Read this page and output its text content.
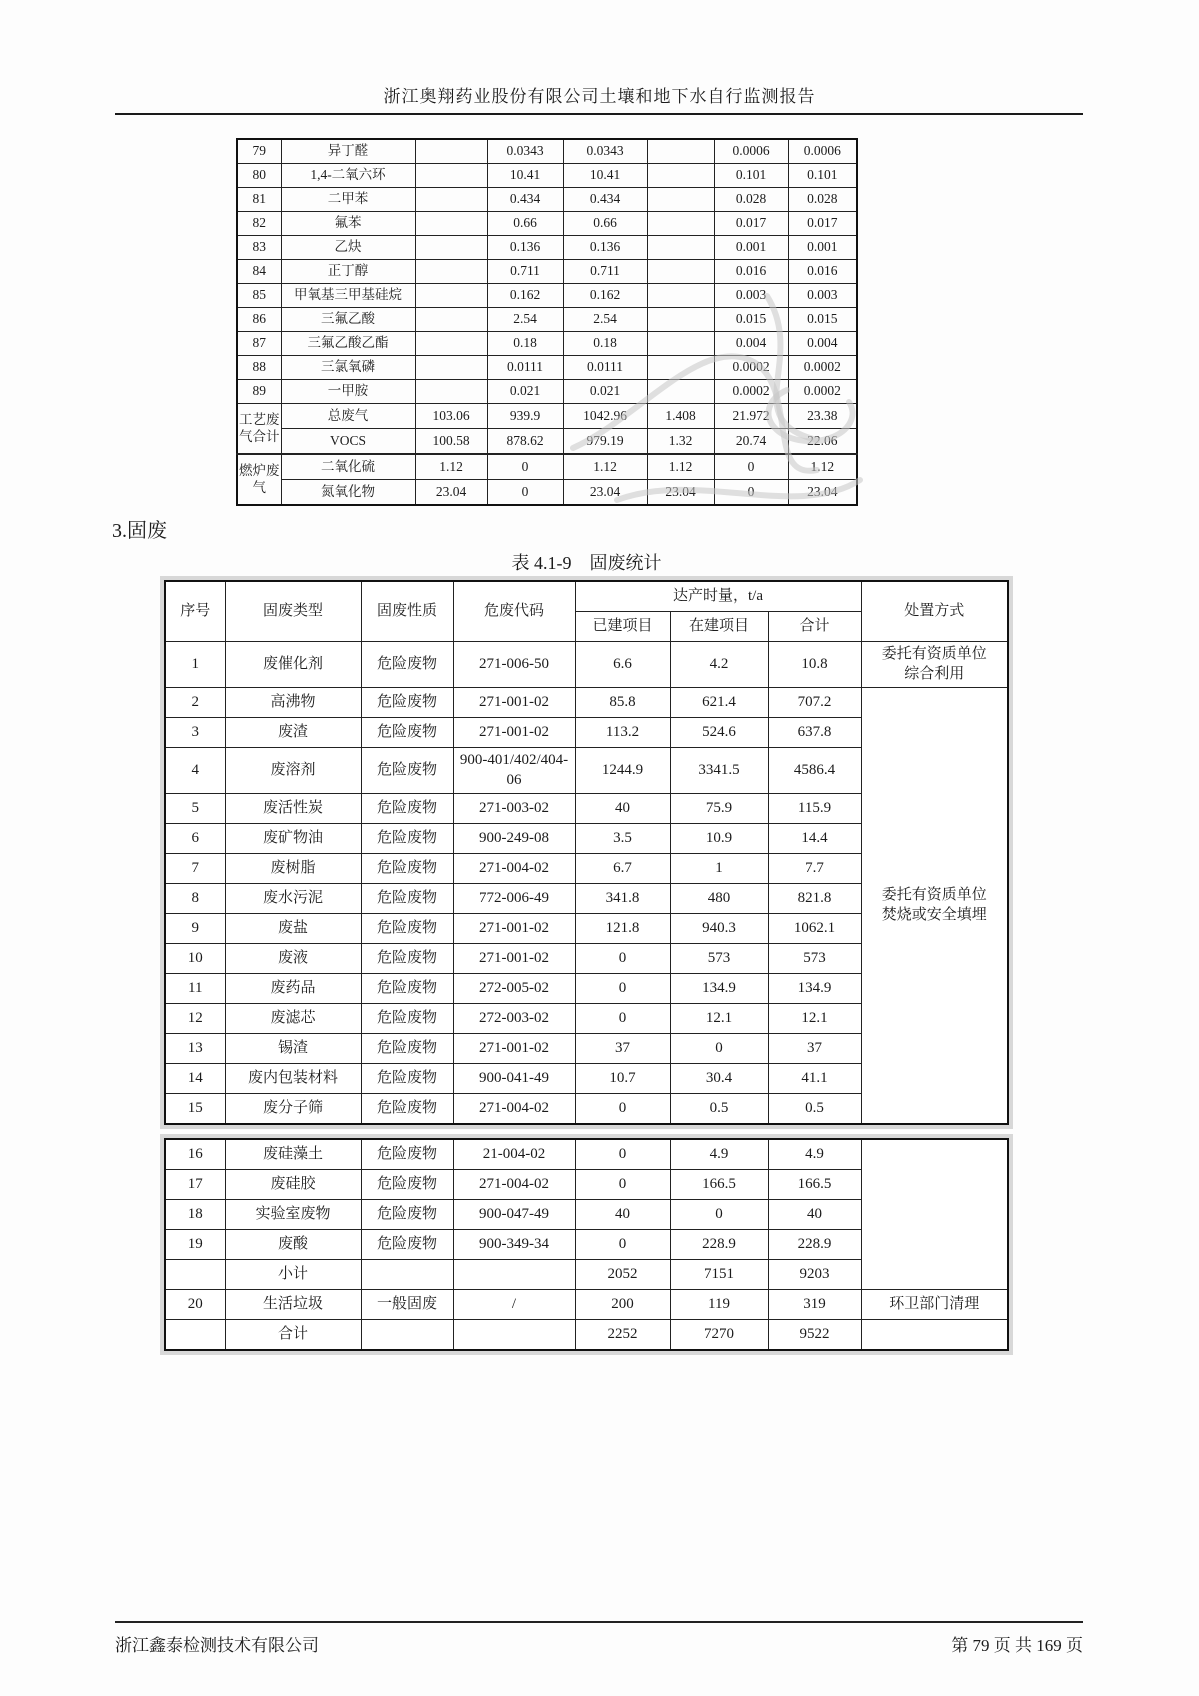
浙江奥翔药业股份有限公司土壤和地下水自行监测报告
79	异丁醛		0.0343	0.0343		0.0006	0.0006
80	1,4-二氧六环		10.41	10.41		0.101	0.101
81	二甲苯		0.434	0.434		0.028	0.028
82	氟苯		0.66	0.66		0.017	0.017
83	乙炔		0.136	0.136		0.001	0.001
84	正丁醇		0.711	0.711		0.016	0.016
85	甲氧基三甲基硅烷		0.162	0.162		0.003	0.003
86	三氟乙酸		2.54	2.54		0.015	0.015
87	三氟乙酸乙酯		0.18	0.18		0.004	0.004
88	三氯氧磷		0.0111	0.0111		0.0002	0.0002
89	一甲胺		0.021	0.021		0.0002	0.0002
工艺废气合计	总废气	103.06	939.9	1042.96	1.408	21.972	23.38
	VOCS	100.58	878.62	979.19	1.32	20.74	22.06
燃炉废气	二氧化硫	1.12	0	1.12	1.12	0	1.12
	氮氧化物	23.04	0	23.04	23.04	0	23.04
3.固废
表 4.1-9　固废统计
序号	固废类型	固废性质	危废代码	达产时量，t/a			处置方式
				已建项目	在建项目	合计	
1	废催化剂	危险废物	271-006-50	6.6	4.2	10.8	委托有资质单位综合利用
2	高沸物	危险废物	271-001-02	85.8	621.4	707.2	委托有资质单位焚烧或安全填埋
3	废渣	危险废物	271-001-02	113.2	524.6	637.8	
4	废溶剂	危险废物	900-401/402/404-06	1244.9	3341.5	4586.4	
5	废活性炭	危险废物	271-003-02	40	75.9	115.9	
6	废矿物油	危险废物	900-249-08	3.5	10.9	14.4	
7	废树脂	危险废物	271-004-02	6.7	1	7.7	
8	废水污泥	危险废物	772-006-49	341.8	480	821.8	
9	废盐	危险废物	271-001-02	121.8	940.3	1062.1	
10	废液	危险废物	271-001-02	0	573	573	
11	废药品	危险废物	272-005-02	0	134.9	134.9	
12	废滤芯	危险废物	272-003-02	0	12.1	12.1	
13	锡渣	危险废物	271-001-02	37	0	37	
14	废内包装材料	危险废物	900-041-49	10.7	30.4	41.1	
15	废分子筛	危险废物	271-004-02	0	0.5	0.5	
16	废硅藻土	危险废物	21-004-02	0	4.9	4.9	
17	废硅胶	危险废物	271-004-02	0	166.5	166.5	
18	实验室废物	危险废物	900-047-49	40	0	40	
19	废酸	危险废物	900-349-34	0	228.9	228.9	
	小计			2052	7151	9203	
20	生活垃圾	一般固废	/	200	119	319	环卫部门清理
	合计			2252	7270	9522	
浙江鑫泰检测技术有限公司	第 79 页 共 169 页
